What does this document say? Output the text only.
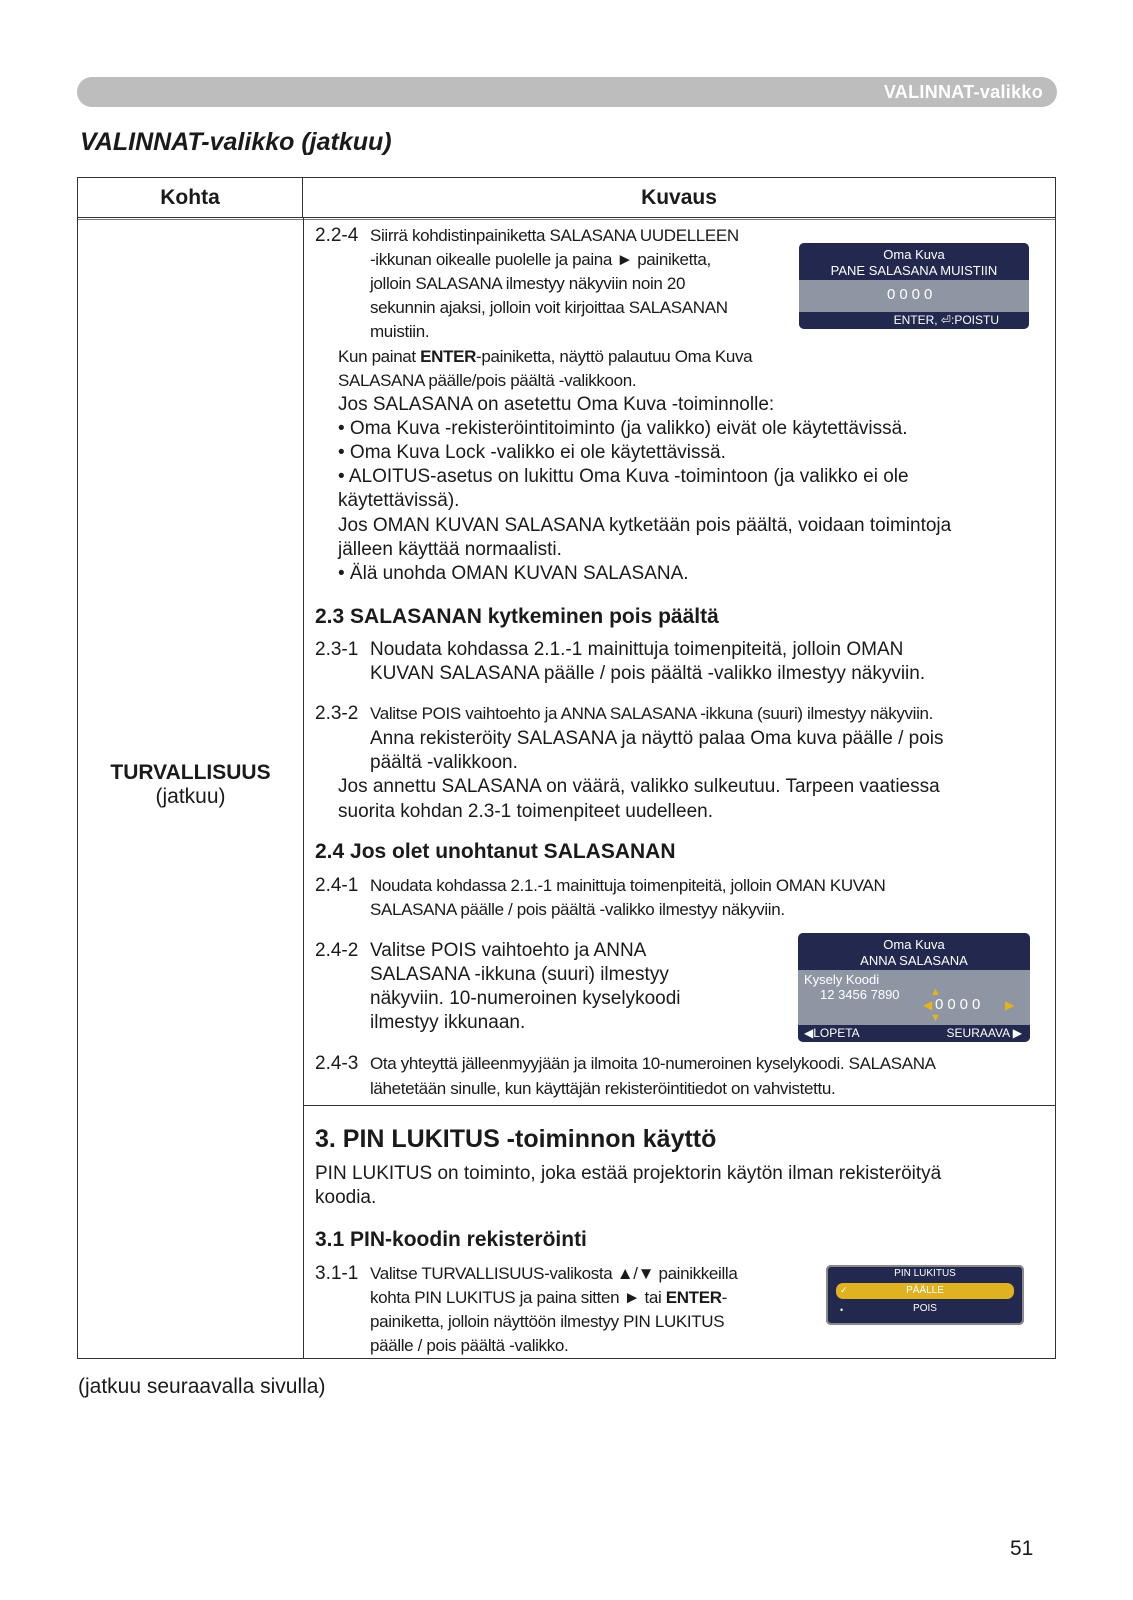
VALINNAT-valikko
VALINNAT-valikko (jatkuu)
Kohta	Kuvaus
TURVALLISUUS
(jatkuu)
2.2-4 Siirrä kohdistinpainiketta SALASANA UUDELLEEN
-ikkunan oikealle puolelle ja paina ► painiketta,
jolloin SALASANA ilmestyy näkyviin noin 20
sekunnin ajaksi, jolloin voit kirjoittaa SALASANAN
muistiin.
Kun painat ENTER-painiketta, näyttö palautuu Oma Kuva
SALASANA päälle/pois päältä -valikkoon.
Oma Kuva
PANE SALASANA MUISTIIN
0000
ENTER, ⏎:POISTU
Jos SALASANA on asetettu Oma Kuva -toiminnolle:
• Oma Kuva -rekisteröintitoiminto (ja valikko) eivät ole käytettävissä.
• Oma Kuva Lock -valikko ei ole käytettävissä.
• ALOITUS-asetus on lukittu Oma Kuva -toimintoon (ja valikko ei ole
käytettävissä).
Jos OMAN KUVAN SALASANA kytketään pois päältä, voidaan toimintoja
jälleen käyttää normaalisti.
• Älä unohda OMAN KUVAN SALASANA.
2.3 SALASANAN kytkeminen pois päältä
2.3-1 Noudata kohdassa 2.1.-1 mainittuja toimenpiteitä, jolloin OMAN
KUVAN SALASANA päälle / pois päältä -valikko ilmestyy näkyviin.
2.3-2 Valitse POIS vaihtoehto ja ANNA SALASANA -ikkuna (suuri) ilmestyy näkyviin.
Anna rekisteröity SALASANA ja näyttö palaa Oma kuva päälle / pois
päältä -valikkoon.
Jos annettu SALASANA on väärä, valikko sulkeutuu. Tarpeen vaatiessa
suorita kohdan 2.3-1 toimenpiteet uudelleen.
2.4 Jos olet unohtanut SALASANAN
2.4-1 Noudata kohdassa 2.1.-1 mainittuja toimenpiteitä, jolloin OMAN KUVAN
SALASANA päälle / pois päältä -valikko ilmestyy näkyviin.
2.4-2 Valitse POIS vaihtoehto ja ANNA
SALASANA -ikkuna (suuri) ilmestyy
näkyviin. 10-numeroinen kyselykoodi
ilmestyy ikkunaan.
Oma Kuva
ANNA SALASANA
Kysely Koodi
12 3456 7890	▲
◀ 0000 ▶
▼
◀LOPETA	SEURAAVA ▶
2.4-3 Ota yhteyttä jälleenmyyjään ja ilmoita 10-numeroinen kyselykoodi. SALASANA
lähetetään sinulle, kun käyttäjän rekisteröintitiedot on vahvistettu.
3. PIN LUKITUS -toiminnon käyttö
PIN LUKITUS on toiminto, joka estää projektorin käytön ilman rekisteröityä
koodia.
3.1 PIN-koodin rekisteröinti
3.1-1 Valitse TURVALLISUUS-valikosta ▲/▼ painikkeilla
kohta PIN LUKITUS ja paina sitten ► tai ENTER-
painiketta, jolloin näyttöön ilmestyy PIN LUKITUS
päälle / pois päältä -valikko.
PIN LUKITUS
✓	PÄÄLLE
•	POIS
(jatkuu seuraavalla sivulla)
51
